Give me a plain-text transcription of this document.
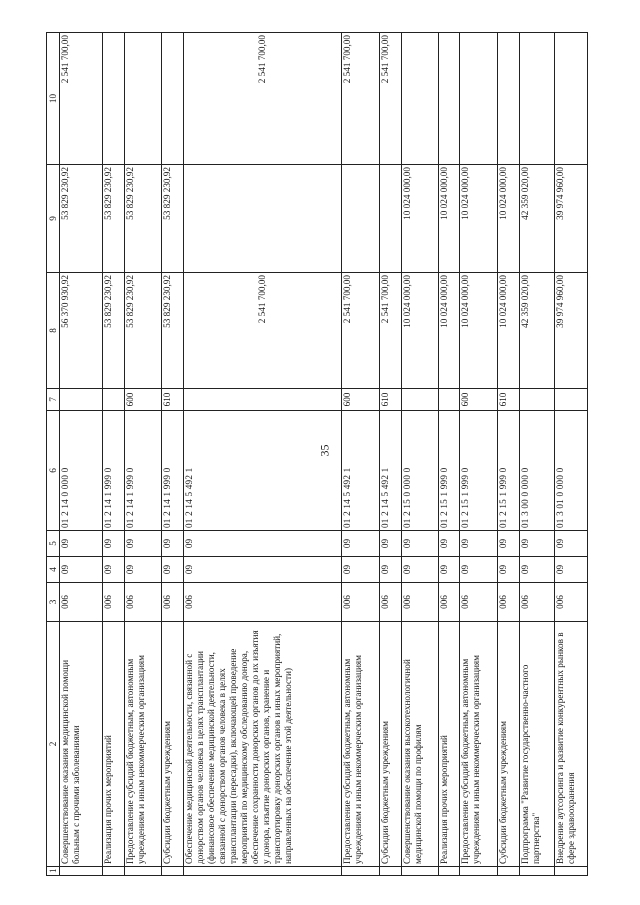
35
1	2	3	4	5	6	7	8	9	10
	Совершенствование оказания медицинской помощи больным с прочими заболеваниями	006	09	09	01 2 14 0 000 0		56 370 930,92	53 829 230,92	2 541 700,00
	Реализация прочих мероприятий	006	09	09	01 2 14 1 999 0		53 829 230,92	53 829 230,92	
	Предоставление субсидий бюджетным, автономным учреждениям и иным некоммерческим организациям	006	09	09	01 2 14 1 999 0	600	53 829 230,92	53 829 230,92	
	Субсидии бюджетным учреждениям	006	09	09	01 2 14 1 999 0	610	53 829 230,92	53 829 230,92	
	Обеспечение медицинской деятельности, связанной с донорством органов человека в целях трансплантации (финансовое обеспечение медицинской деятельности, связанной с донорством органов человека в целях трансплантации (пересадки), включающей проведение мероприятий по медицинскому обследованию донора, обеспечение сохранности донорских органов до их изъятия у донора, изъятие донорских органов, хранение и транспортировку донорских органов и иных мероприятий, направленных на обеспечение этой деятельности)	006	09	09	01 2 14 5 492 1		2 541 700,00		2 541 700,00
	Предоставление субсидий бюджетным, автономным учреждениям и иным некоммерческим организациям	006	09	09	01 2 14 5 492 1	600	2 541 700,00		2 541 700,00
	Субсидии бюджетным учреждениям	006	09	09	01 2 14 5 492 1	610	2 541 700,00		2 541 700,00
	Совершенствование оказания высокотехнологичной медицинской помощи по профилям	006	09	09	01 2 15 0 000 0		10 024 000,00	10 024 000,00	
	Реализация прочих мероприятий	006	09	09	01 2 15 1 999 0		10 024 000,00	10 024 000,00	
	Предоставление субсидий бюджетным, автономным учреждениям и иным некоммерческим организациям	006	09	09	01 2 15 1 999 0	600	10 024 000,00	10 024 000,00	
	Субсидии бюджетным учреждениям	006	09	09	01 2 15 1 999 0	610	10 024 000,00	10 024 000,00	
	Подпрограмма "Развитие государственно-частного партнерства"	006	09	09	01 3 00 0 000 0		42 359 020,00	42 359 020,00	
	Внедрение аутсорсинга и развитие конкурентных рынков в сфере здравоохранения	006	09	09	01 3 01 0 000 0		39 974 960,00	39 974 960,00	
